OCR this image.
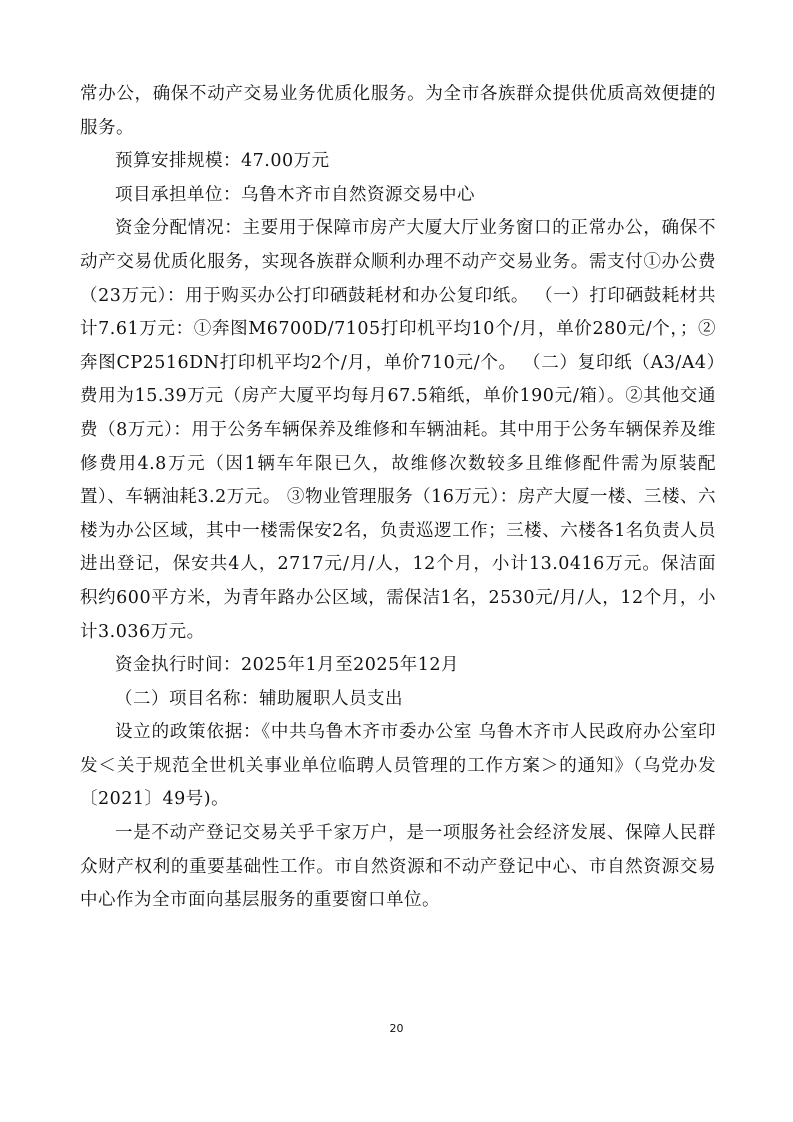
常办公，确保不动产交易业务优质化服务。为全市各族群众提供优质高效便捷的服务。

预算安排规模：47.00万元

项目承担单位：乌鲁木齐市自然资源交易中心

资金分配情况：主要用于保障市房产大厦大厅业务窗口的正常办公，确保不动产交易优质化服务，实现各族群众顺利办理不动产交易业务。需支付①办公费（23万元）：用于购买办公打印硒鼓耗材和办公复印纸。 （一）打印硒鼓耗材共计7.61万元：①奔图M6700D/7105打印机平均10个/月，单价280元/个，；②奔图CP2516DN打印机平均2个/月，单价710元/个。 （二）复印纸（A3/A4）费用为15.39万元（房产大厦平均每月67.5箱纸，单价190元/箱）。②其他交通费（8万元）：用于公务车辆保养及维修和车辆油耗。其中用于公务车辆保养及维修费用4.8万元（因1辆车年限已久，故维修次数较多且维修配件需为原装配置）、车辆油耗3.2万元。 ③物业管理服务（16万元）：房产大厦一楼、三楼、六楼为办公区域，其中一楼需保安2名，负责巡逻工作；三楼、六楼各1名负责人员进出登记，保安共4人，2717元/月/人，12个月，小计13.0416万元。保洁面积约600平方米，为青年路办公区域，需保洁1名，2530元/月/人，12个月，小计3.036万元。

资金执行时间：2025年1月至2025年12月

（二）项目名称：辅助履职人员支出

设立的政策依据：《中共乌鲁木齐市委办公室 乌鲁木齐市人民政府办公室印发＜关于规范全世机关事业单位临聘人员管理的工作方案＞的通知》（乌党办发〔2021〕49号)。

一是不动产登记交易关乎千家万户，是一项服务社会经济发展、保障人民群众财产权利的重要基础性工作。市自然资源和不动产登记中心、市自然资源交易中心作为全市面向基层服务的重要窗口单位。

20
